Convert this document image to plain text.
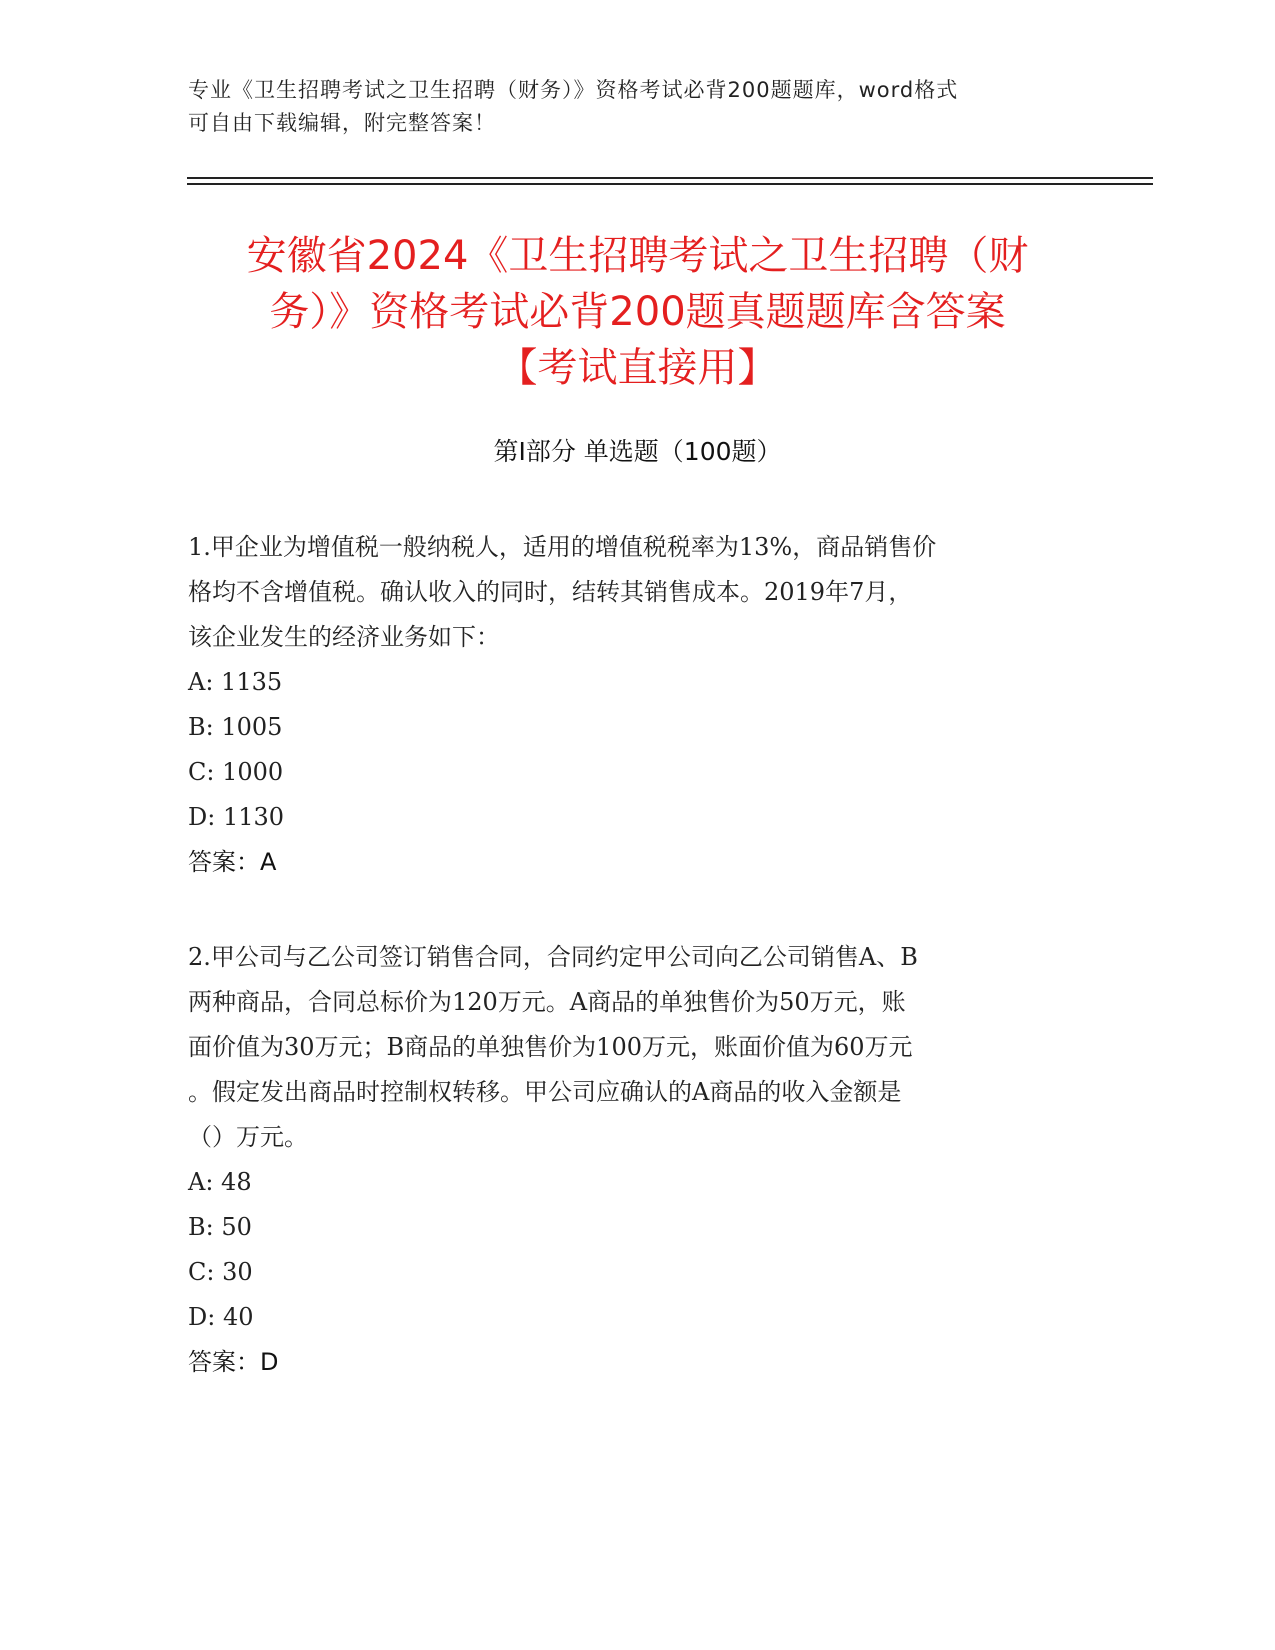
专业《卫生招聘考试之卫生招聘（财务）》资格考试必背200题题库，word格式
可自由下载编辑，附完整答案！
安徽省2024《卫生招聘考试之卫生招聘（财
务）》资格考试必背200题真题题库含答案
【考试直接用】
第Ⅰ部分 单选题（100题）
1.甲企业为增值税一般纳税人，适用的增值税税率为13%，商品销售价
格均不含增值税。确认收入的同时，结转其销售成本。2019年7月，
该企业发生的经济业务如下：
A: 1135
B: 1005
C: 1000
D: 1130
答案：A
2.甲公司与乙公司签订销售合同，合同约定甲公司向乙公司销售A、B
两种商品，合同总标价为120万元。A商品的单独售价为50万元，账
面价值为30万元；B商品的单独售价为100万元，账面价值为60万元
。假定发出商品时控制权转移。甲公司应确认的A商品的收入金额是
（）万元。
A: 48
B: 50
C: 30
D: 40
答案：D
